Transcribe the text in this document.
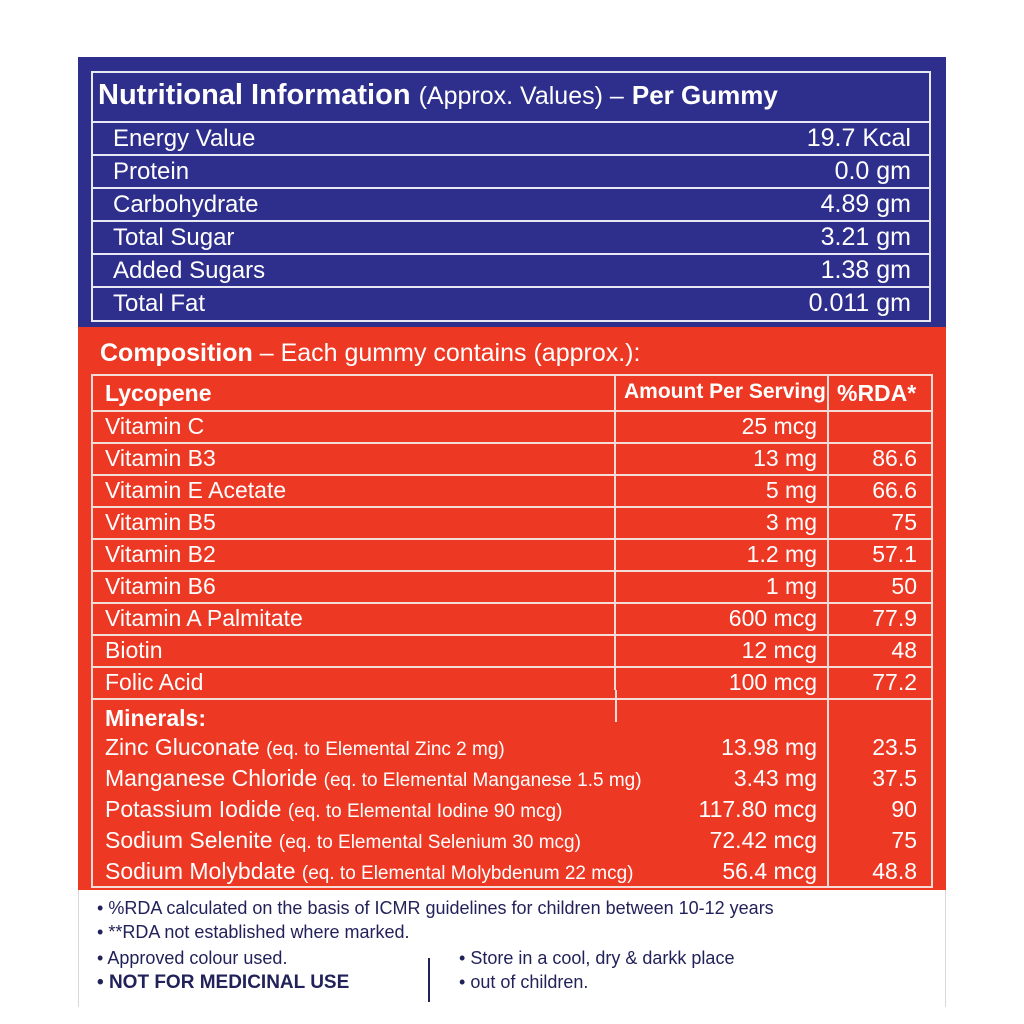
Nutritional Information (Approx. Values) – Per Gummy
Energy Value	19.7 Kcal
Protein	0.0 gm
Carbohydrate	4.89 gm
Total Sugar	3.21 gm
Added Sugars	1.38 gm
Total Fat	0.011 gm
Composition – Each gummy contains (approx.):
Lycopene	Amount Per Serving %RDA*
Vitamin C	25 mcg
Vitamin B3	13 mg 86.6
Vitamin E Acetate	5 mg 66.6
Vitamin B5	3 mg	75
Vitamin B2	1.2 mg 57.1
Vitamin B6	1 mg	50
Vitamin A Palmitate	600 mcg 77.9
Biotin	12 mcg	48
Folic Acid	100 mcg 77.2
Minerals:
Zinc Gluconate (eq. to Elemental Zinc 2 mg)	13.98 mg 23.5
Manganese Chloride (eq. to Elemental Manganese 1.5 mg)	3.43 mg 37.5
Potassium Iodide (eq. to Elemental Iodine 90 mcg)	117.80 mcg	90
Sodium Selenite (eq. to Elemental Selenium 30 mcg)	72.42 mcg	75
Sodium Molybdate (eq. to Elemental Molybdenum 22 mcg)	56.4 mcg 48.8
• %RDA calculated on the basis of ICMR guidelines for children between 10-12 years
• **RDA not established where marked.
• Approved colour used.
• NOT FOR MEDICINAL USE
• Store in a cool, dry & darkk place
• out of children.
